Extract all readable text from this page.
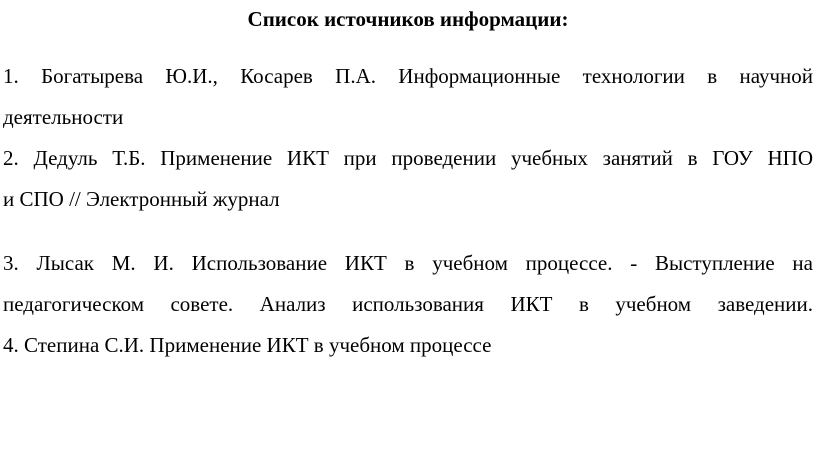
Список источников информации:
1. Богатырева Ю.И., Косарев П.А. Информационные технологии в научной
деятельности
2. Дедуль Т.Б. Применение ИКТ при проведении учебных занятий в ГОУ НПО
и СПО // Электронный журнал
3. Лысак М. И. Использование ИКТ в учебном процессе. - Выступление на
педагогическом совете. Анализ использования ИКТ в учебном заведении.
4. Степина С.И. Применение ИКТ в учебном процессе
